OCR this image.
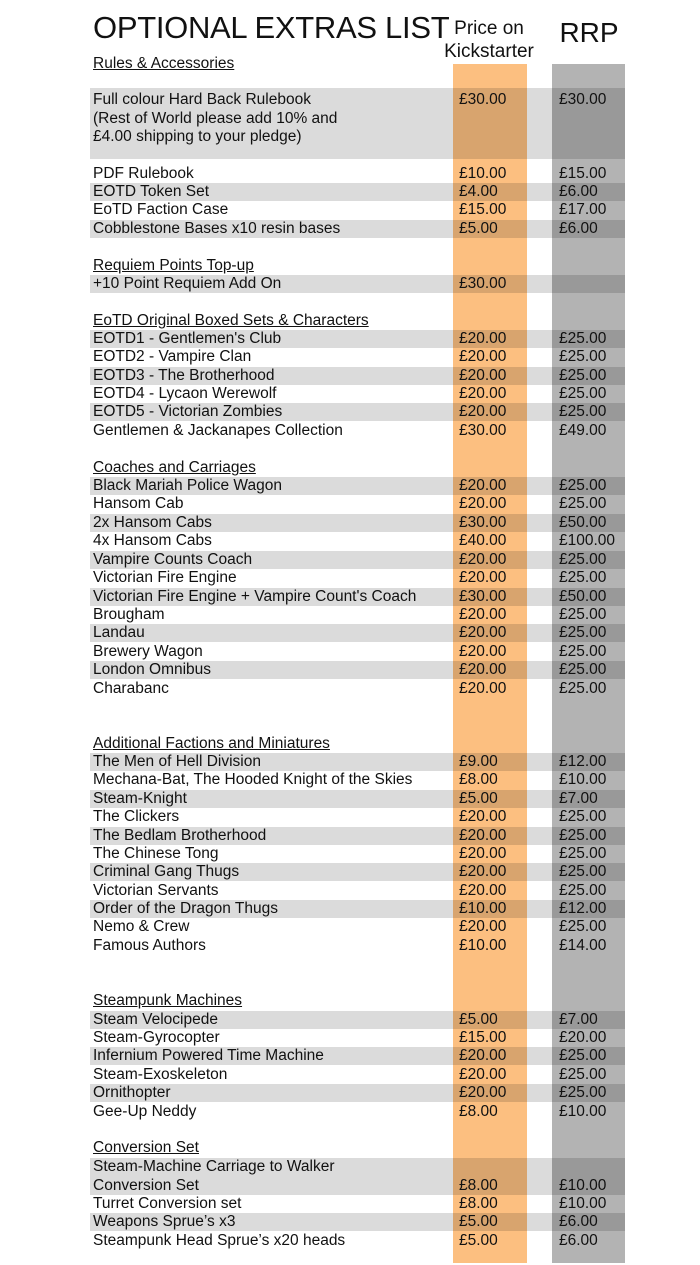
OPTIONAL EXTRAS LIST Price on
Kickstarter
RRP
Rules & Accessories
Full colour Hard Back Rulebook
(Rest of World please add 10% and
£4.00 shipping to your pledge)
£30.00	£30.00
PDF Rulebook	£10.00	£15.00
EOTD Token Set	£4.00	£6.00
EoTD Faction Case	£15.00	£17.00
Cobblestone Bases x10 resin bases	£5.00	£6.00
Requiem Points Top-up
+10 Point Requiem Add On	£30.00
EoTD Original Boxed Sets & Characters
EOTD1 - Gentlemen's Club	£20.00	£25.00
EOTD2 - Vampire Clan	£20.00	£25.00
EOTD3 - The Brotherhood	£20.00	£25.00
EOTD4 - Lycaon Werewolf	£20.00	£25.00
EOTD5 - Victorian Zombies	£20.00	£25.00
Gentlemen & Jackanapes Collection	£30.00	£49.00
Coaches and Carriages
Black Mariah Police Wagon	£20.00	£25.00
Hansom Cab	£20.00	£25.00
2x Hansom Cabs	£30.00	£50.00
4x Hansom Cabs	£40.00	£100.00
Vampire Counts Coach	£20.00	£25.00
Victorian Fire Engine	£20.00	£25.00
Victorian Fire Engine + Vampire Count's Coach	£30.00	£50.00
Brougham	£20.00	£25.00
Landau	£20.00	£25.00
Brewery Wagon	£20.00	£25.00
London Omnibus	£20.00	£25.00
Charabanc	£20.00	£25.00
Additional Factions and Miniatures
The Men of Hell Division	£9.00	£12.00
Mechana-Bat, The Hooded Knight of the Skies	£8.00	£10.00
Steam-Knight	£5.00	£7.00
The Clickers	£20.00	£25.00
The Bedlam Brotherhood	£20.00	£25.00
The Chinese Tong	£20.00	£25.00
Criminal Gang Thugs	£20.00	£25.00
Victorian Servants	£20.00	£25.00
Order of the Dragon Thugs	£10.00	£12.00
Nemo & Crew	£20.00	£25.00
Famous Authors	£10.00	£14.00
Steampunk Machines
Steam Velocipede	£5.00	£7.00
Steam-Gyrocopter	£15.00	£20.00
Infernium Powered Time Machine	£20.00	£25.00
Steam-Exoskeleton	£20.00	£25.00
Ornithopter	£20.00	£25.00
Gee-Up Neddy	£8.00	£10.00
Conversion Set
Steam-Machine Carriage to Walker
Conversion Set	£8.00	£10.00
Turret Conversion set	£8.00	£10.00
Weapons Sprue’s x3	£5.00	£6.00
Steampunk Head Sprue’s x20 heads	£5.00	£6.00
